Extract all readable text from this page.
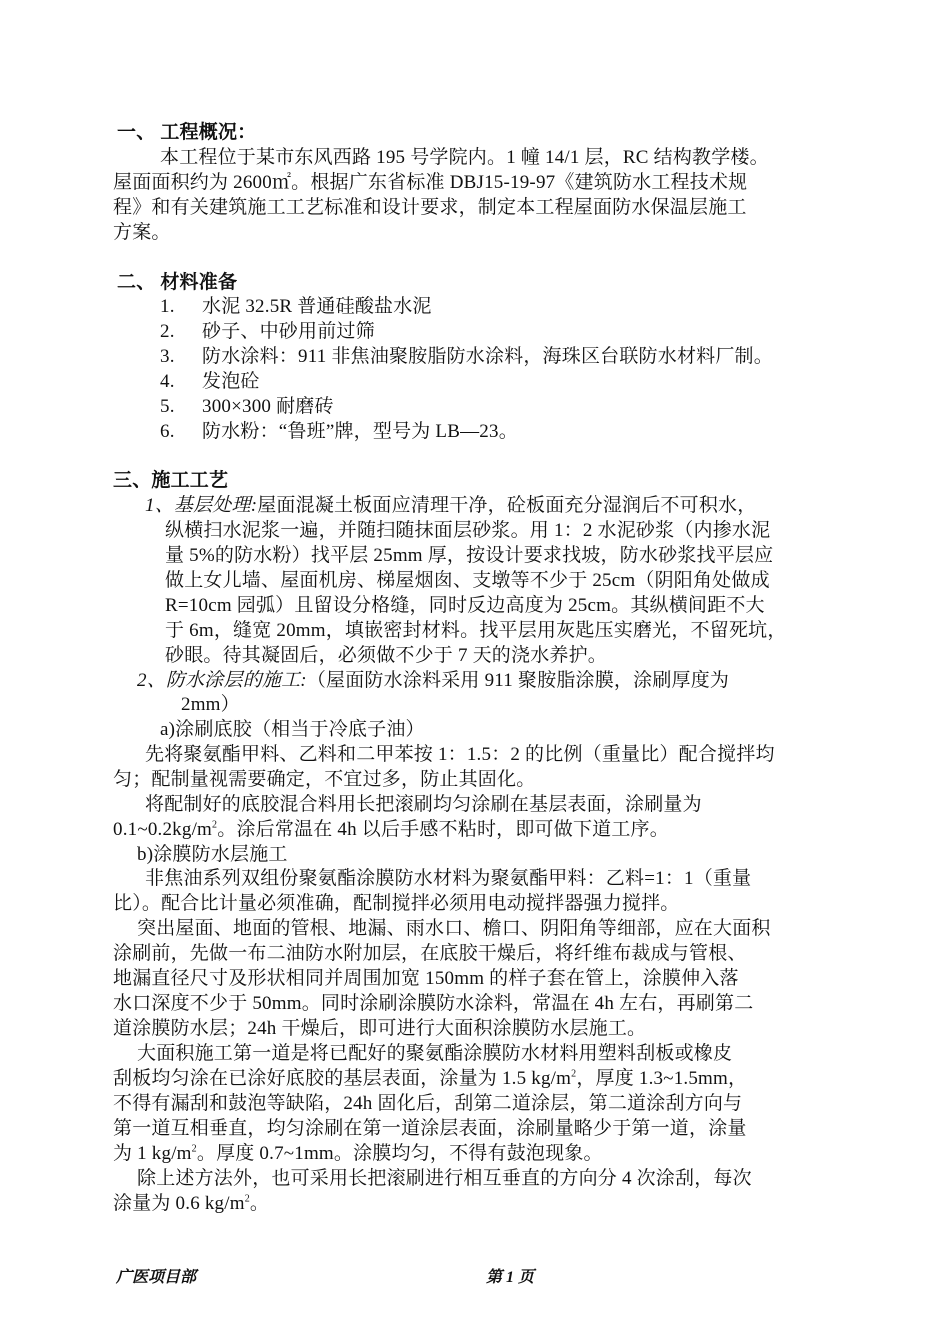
一、 工程概况：
本工程位于某市东风西路 195 号学院内。1 幢 14/1 层，RC 结构教学楼。
屋面面积约为 2600㎡。根据广东省标准 DBJ15-19-97《建筑防水工程技术规
程》和有关建筑施工工艺标准和设计要求，制定本工程屋面防水保温层施工
方案。
二、 材料准备
1. 水泥 32.5R 普通硅酸盐水泥
2. 砂子、中砂用前过筛
3. 防水涂料：911 非焦油聚胺脂防水涂料，海珠区台联防水材料厂制。
4. 发泡砼
5. 300×300 耐磨砖
6. 防水粉：“鲁班”牌，型号为 LB—23。
三、施工工艺
1、基层处理:屋面混凝土板面应清理干净，砼板面充分湿润后不可积水，
纵横扫水泥浆一遍，并随扫随抹面层砂浆。用 1：2 水泥砂浆（内掺水泥
量 5%的防水粉）找平层 25mm 厚，按设计要求找坡，防水砂浆找平层应
做上女儿墙、屋面机房、梯屋烟囱、支墩等不少于 25cm（阴阳角处做成
R=10cm 园弧）且留设分格缝，同时反边高度为 25cm。其纵横间距不大
于 6m，缝宽 20mm，填嵌密封材料。找平层用灰匙压实磨光，不留死坑，
砂眼。待其凝固后，必须做不少于 7 天的浇水养护。
2、防水涂层的施工:（屋面防水涂料采用 911 聚胺脂涂膜，涂刷厚度为
2mm）
a)涂刷底胶（相当于冷底子油）
先将聚氨酯甲料、乙料和二甲苯按 1：1.5：2 的比例（重量比）配合搅拌均
匀；配制量视需要确定，不宜过多，防止其固化。
将配制好的底胶混合料用长把滚刷均匀涂刷在基层表面，涂刷量为
$0.1\sim 0.2kg/m^2$。涂后常温在 4h 以后手感不粘时，即可做下道工序。
b)涂膜防水层施工
非焦油系列双组份聚氨酯涂膜防水材料为聚氨酯甲料：乙料=1：1（重量
比）。配合比计量必须准确，配制搅拌必须用电动搅拌器强力搅拌。
突出屋面、地面的管根、地漏、雨水口、檐口、阴阳角等细部，应在大面积
涂刷前，先做一布二油防水附加层，在底胶干燥后，将纤维布裁成与管根、
地漏直径尺寸及形状相同并周围加宽 150mm 的样子套在管上，涂膜伸入落
水口深度不少于 50mm。同时涂刷涂膜防水涂料，常温在 4h 左右，再刷第二
道涂膜防水层；24h 干燥后，即可进行大面积涂膜防水层施工。
大面积施工第一道是将已配好的聚氨酯涂膜防水材料用塑料刮板或橡皮
刮板均匀涂在已涂好底胶的基层表面，涂量为 1.5 $kg/m^2$，厚度 1.3~1.5mm，
不得有漏刮和鼓泡等缺陷，24h 固化后，刮第二道涂层，第二道涂刮方向与
第一道互相垂直，均匀涂刷在第一道涂层表面，涂刷量略少于第一道，涂量
为 1 $kg/m^2$。厚度 0.7~1mm。涂膜均匀，不得有鼓泡现象。
除上述方法外，也可采用长把滚刷进行相互垂直的方向分 4 次涂刮，每次
涂量为 0.6 $kg/m^2$。
广医项目部	第 1 页
